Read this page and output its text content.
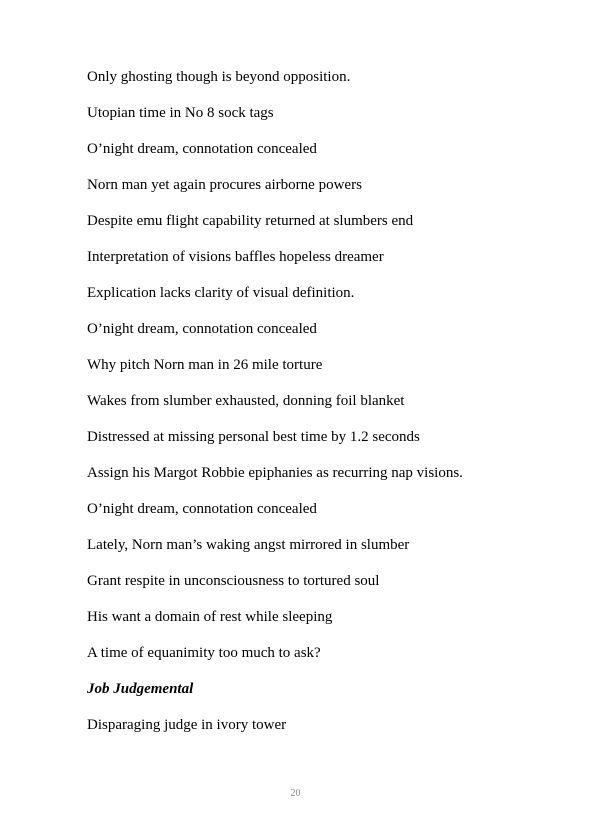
Only ghosting though is beyond opposition.

Utopian time in No 8 sock tags

O’night dream, connotation concealed

Norn man yet again procures airborne powers

Despite emu flight capability returned at slumbers end

Interpretation of visions baffles hopeless dreamer

Explication lacks clarity of visual definition.

O’night dream, connotation concealed

Why pitch Norn man in 26 mile torture

Wakes from slumber exhausted, donning foil blanket

Distressed at missing personal best time by 1.2 seconds

Assign his Margot Robbie epiphanies as recurring nap visions.

O’night dream, connotation concealed

Lately, Norn man’s waking angst mirrored in slumber

Grant respite in unconsciousness to tortured soul

His want a domain of rest while sleeping

A time of equanimity too much to ask?

Job Judgemental

Disparaging judge in ivory tower

20
